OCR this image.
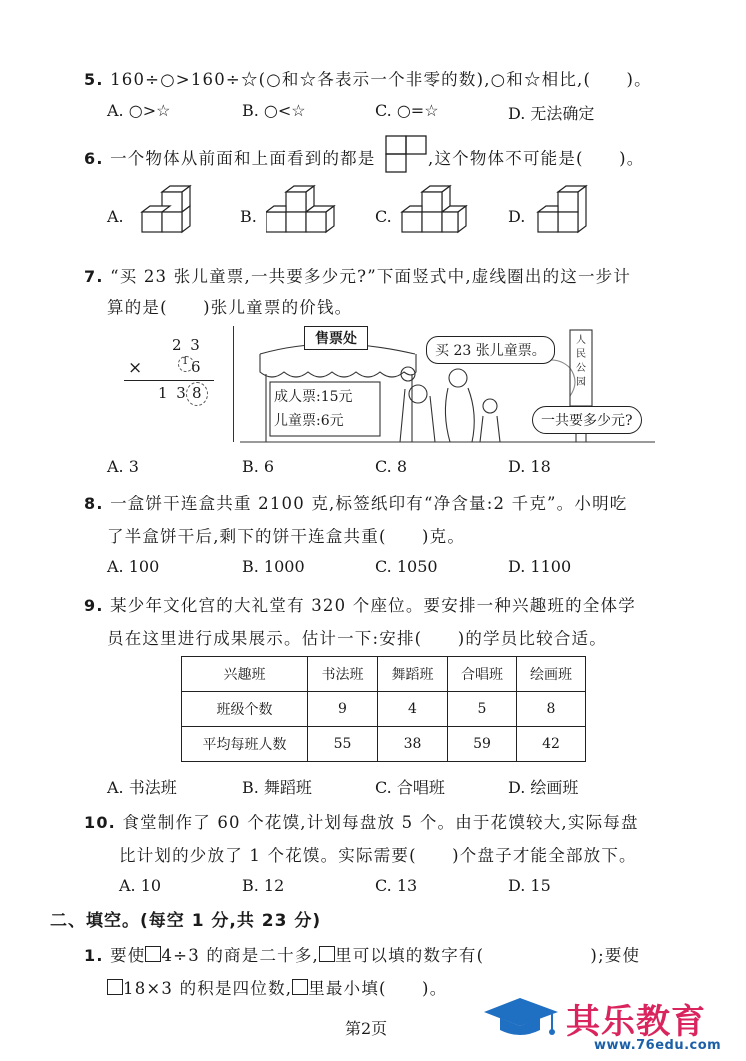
5. 160÷○>160÷☆(○和☆各表示一个非零的数),○和☆相比,(　　)。
A. ○>☆	B. ○<☆	C. ○=☆	D. 无法确定
6. 一个物体从前面和上面看到的都是	,这个物体不可能是(　　)。
A.	B.	C.	D.
7. “买 23 张儿童票,一共要多少元?”下面竖式中,虚线圈出的这一步计
算的是(　　)张儿童票的价钱。
2 3
×	6
1
1 3 8
售票处
成人票:15元
儿童票:6元
买 23 张儿童票。
一共要多少元?
人
民
公
园
A. 3	B. 6	C. 8	D. 18
8. 一盒饼干连盒共重 2100 克,标签纸印有“净含量:2 千克”。小明吃
了半盒饼干后,剩下的饼干连盒共重(　　)克。
A. 100	B. 1000	C. 1050	D. 1100
9. 某少年文化宫的大礼堂有 320 个座位。要安排一种兴趣班的全体学
员在这里进行成果展示。估计一下:安排(　　)的学员比较合适。
兴趣班	书法班	舞蹈班	合唱班	绘画班
班级个数	9	4	5	8
平均每班人数	55	38	59	42
A. 书法班	B. 舞蹈班	C. 合唱班	D. 绘画班
10. 食堂制作了 60 个花馍,计划每盘放 5 个。由于花馍较大,实际每盘
比计划的少放了 1 个花馍。实际需要(　　)个盘子才能全部放下。
A. 10	B. 12	C. 13	D. 15
二、填空。(每空 1 分,共 23 分)
1. 要使 4÷3 的商是二十多, 里可以填的数字有(　　　　　　);要使
18×3 的积是四位数, 里最小填(　　)。
第2页	其乐教育
www.76edu.com
